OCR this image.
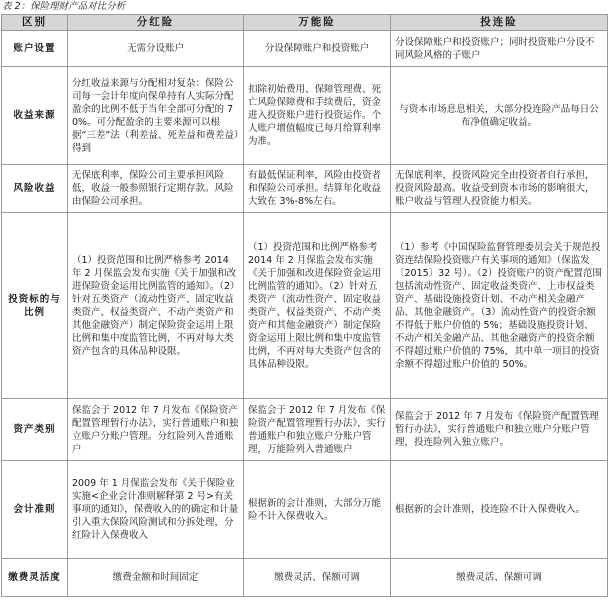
表 2：保险理财产品对比分析
区别	分红险	万能险	投连险
账户设置	无需分设账户	分设保障账户和投资账户	分设保障账户和投资账户；同时投资账户分设不同风险风格的子账户
收益来源	分红收益来源与分配相对复杂：保险公司每一会计年度向保单持有人实际分配盈余的比例不低于当年全部可分配的 70%。可分配盈余的主要来源可以根据“三差”法（利差益、死差益和费差益）得到	扣除初始费用、保障管理费、死亡风险保障费和手续费后，资金进入投资账户进行投资运作。个人账户增值幅度已每月给算利率为准。	与资本市场息息相关，大部分投连险产品每日公布净值确定收益。
风险收益	无保底利率，保险公司主要承担风险低，收益一般参照银行定期存款。风险由保险公司承担。	有最低保证利率，风险由投资者和保险公司承担。结算年化收益大致在 3%-8%左右。	无保底利率，投资风险完全由投资者自行承担，投资风险最高。收益受到资本市场的影响很大，账户收益与管理人投资能力相关。
投资标的与比例	（1）投资范围和比例严格参考 2014 年 2 月保监会发布实施《关于加强和改进保险资金运用比例监管的通知》。（2）针对五类资产（流动性资产、固定收益类资产、权益类资产、不动产类资产和其他金融资产）制定保险资金运用上限比例和集中度监管比例，不再对每大类资产包含的具体品种设限。	（1）投资范围和比例严格参考 2014 年 2 月保监会发布实施《关于加强和改进保险资金运用比例监管的通知》。（2）针对五类资产（流动性资产、固定收益类资产、权益类资产、不动产类资产和其他金融资产）制定保险资金运用上限比例和集中度监管比例，不再对每大类资产包含的具体品种设限。	（1）参考《中国保险监督管理委员会关于规范投资连结保险投资账户有关事项的通知》（保监发〔2015〕32 号）。（2）投资账户的资产配置范围包括流动性资产、固定收益类资产、上市权益类资产、基础设施投资计划、不动产相关金融产品、其他金融资产。（3）流动性资产的投资余额不得低于账户价值的 5%；基础设施投资计划、不动产相关金融产品、其他金融资产的投资余额不得超过账户价值的 75%，其中单一项目的投资余额不得超过账户价值的 50%。
资产类别	保监会于 2012 年 7 月发布《保险资产配置管理暂行办法》，实行普通账户和独立账户分账户管理。分红险列入普通账户	保监会于 2012 年 7 月发布《保险资产配置管理暂行办法》，实行普通账户和独立账户分账户管理，万能险列入普通账户	保监会于 2012 年 7 月发布《保险资产配置管理暂行办法》，实行普通账户和独立账户分账户管理，投连险列入独立账户。
会计准则	2009 年 1 月保监会发布《关于保险业实施<企业会计准则解释第 2 号>有关事项的通知》，保费收入的的确定和计量引入重大保险风险测试和分拆处理，分红险计入保费收入	根据新的会计准则，大部分万能险不计入保费收入。	根据新的会计准则，投连险不计入保费收入。
缴费灵活度	缴费金额和时间固定	缴费灵活、保额可调	缴费灵活、保额可调
